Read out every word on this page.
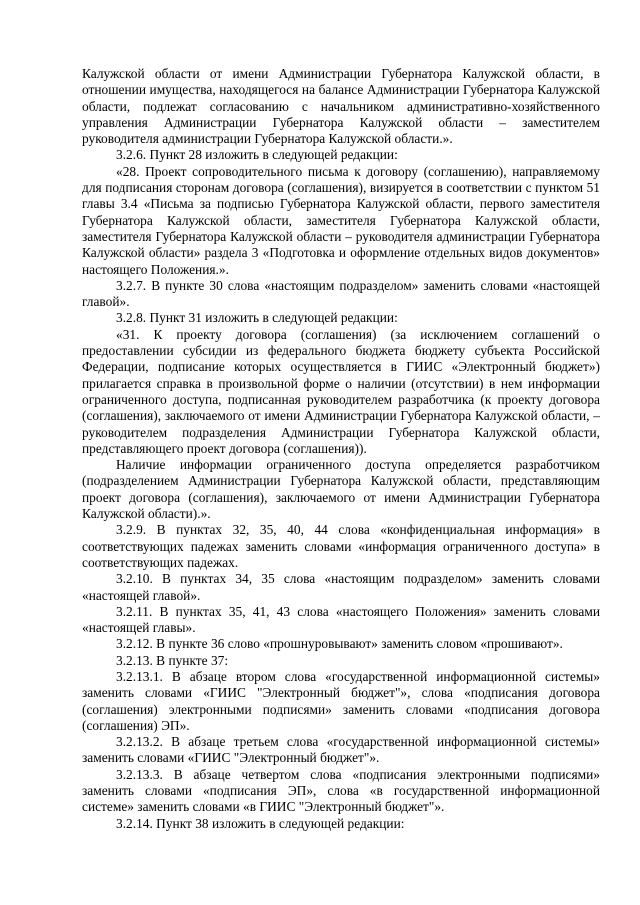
Калужской области от имени Администрации Губернатора Калужской области, в отношении имущества, находящегося на балансе Администрации Губернатора Калужской области, подлежат согласованию с начальником административно-хозяйственного управления Администрации Губернатора Калужской области – заместителем руководителя администрации Губернатора Калужской области.».

3.2.6. Пункт 28 изложить в следующей редакции:

«28. Проект сопроводительного письма к договору (соглашению), направляемому для подписания сторонам договора (соглашения), визируется в соответствии с пунктом 51 главы 3.4 «Письма за подписью Губернатора Калужской области, первого заместителя Губернатора Калужской области, заместителя Губернатора Калужской области, заместителя Губернатора Калужской области – руководителя администрации Губернатора Калужской области» раздела 3 «Подготовка и оформление отдельных видов документов» настоящего Положения.».

3.2.7. В пункте 30 слова «настоящим подразделом» заменить словами «настоящей главой».

3.2.8. Пункт 31 изложить в следующей редакции:

«31. К проекту договора (соглашения) (за исключением соглашений о предоставлении субсидии из федерального бюджета бюджету субъекта Российской Федерации, подписание которых осуществляется в ГИИС «Электронный бюджет») прилагается справка в произвольной форме о наличии (отсутствии) в нем информации ограниченного доступа, подписанная руководителем разработчика (к проекту договора (соглашения), заключаемого от имени Администрации Губернатора Калужской области, – руководителем подразделения Администрации Губернатора Калужской области, представляющего проект договора (соглашения)).

Наличие информации ограниченного доступа определяется разработчиком (подразделением Администрации Губернатора Калужской области, представляющим проект договора (соглашения), заключаемого от имени Администрации Губернатора Калужской области).».

3.2.9. В пунктах 32, 35, 40, 44 слова «конфиденциальная информация» в соответствующих падежах заменить словами «информация ограниченного доступа» в соответствующих падежах.

3.2.10. В пунктах 34, 35 слова «настоящим подразделом» заменить словами «настоящей главой».

3.2.11. В пунктах 35, 41, 43 слова «настоящего Положения» заменить словами «настоящей главы».

3.2.12. В пункте 36 слово «прошнуровывают» заменить словом «прошивают».

3.2.13. В пункте 37:

3.2.13.1. В абзаце втором слова «государственной информационной системы» заменить словами «ГИИС "Электронный бюджет"», слова «подписания договора (соглашения) электронными подписями» заменить словами «подписания договора (соглашения) ЭП».

3.2.13.2. В абзаце третьем слова «государственной информационной системы» заменить словами «ГИИС "Электронный бюджет"».

3.2.13.3. В абзаце четвертом слова «подписания электронными подписями» заменить словами «подписания ЭП», слова «в государственной информационной системе» заменить словами «в ГИИС "Электронный бюджет"».

3.2.14. Пункт 38 изложить в следующей редакции:
